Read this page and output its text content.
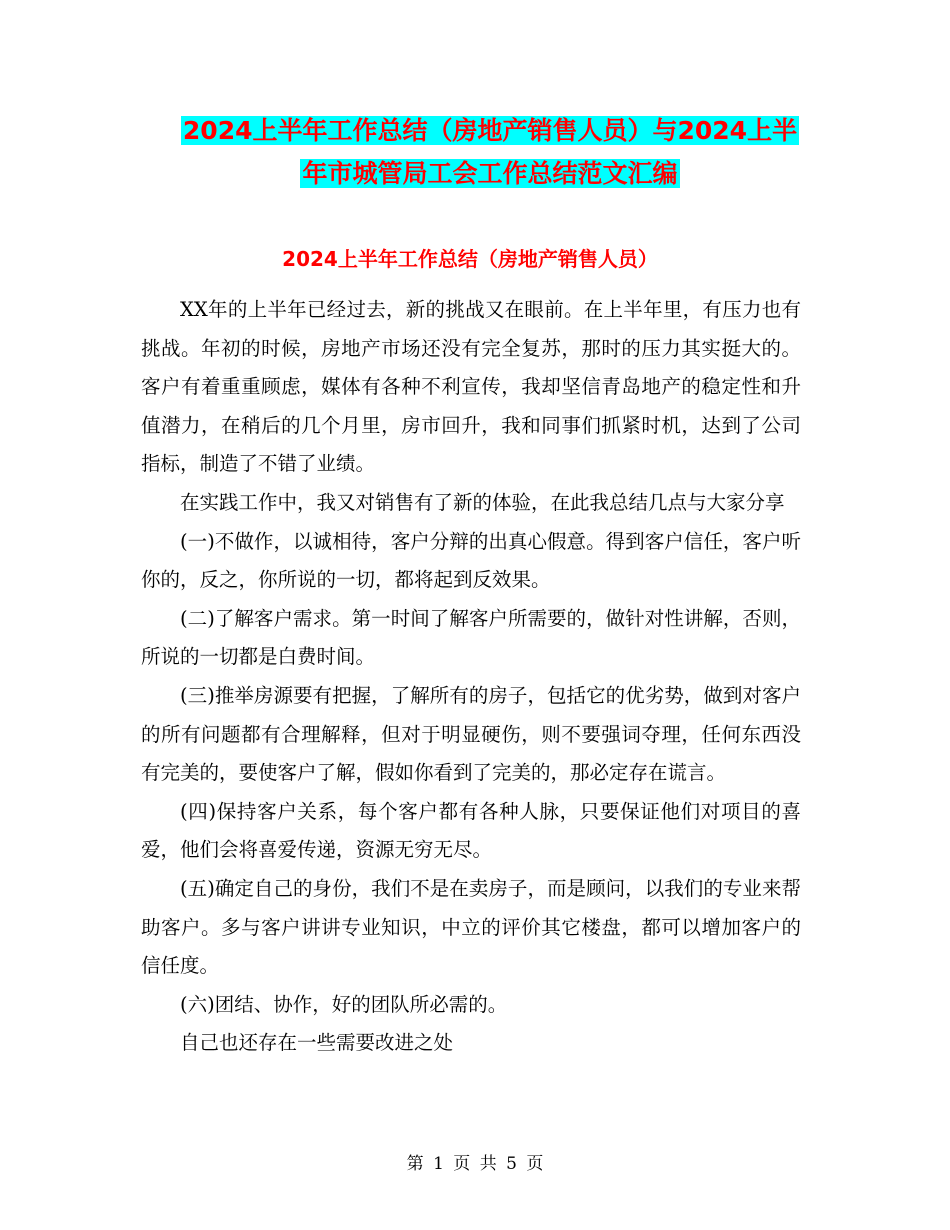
2024上半年工作总结（房地产销售人员）与2024上半
年市城管局工会工作总结范文汇编
2024上半年工作总结（房地产销售人员）

XX年的上半年已经过去，新的挑战又在眼前。在上半年里，有压力也有挑战。年初的时候，房地产市场还没有完全复苏，那时的压力其实挺大的。客户有着重重顾虑，媒体有各种不利宣传，我却坚信青岛地产的稳定性和升值潜力，在稍后的几个月里，房市回升，我和同事们抓紧时机，达到了公司指标，制造了不错了业绩。

在实践工作中，我又对销售有了新的体验，在此我总结几点与大家分享

(一)不做作，以诚相待，客户分辩的出真心假意。得到客户信任，客户听你的，反之，你所说的一切，都将起到反效果。

(二)了解客户需求。第一时间了解客户所需要的，做针对性讲解，否则，所说的一切都是白费时间。

(三)推举房源要有把握，了解所有的房子，包括它的优劣势，做到对客户的所有问题都有合理解释，但对于明显硬伤，则不要强词夺理，任何东西没有完美的，要使客户了解，假如你看到了完美的，那必定存在谎言。

(四)保持客户关系，每个客户都有各种人脉，只要保证他们对项目的喜爱，他们会将喜爱传递，资源无穷无尽。

(五)确定自己的身份，我们不是在卖房子，而是顾问，以我们的专业来帮助客户。多与客户讲讲专业知识，中立的评价其它楼盘，都可以增加客户的信任度。

(六)团结、协作，好的团队所必需的。

自己也还存在一些需要改进之处

第 1 页 共 5 页
